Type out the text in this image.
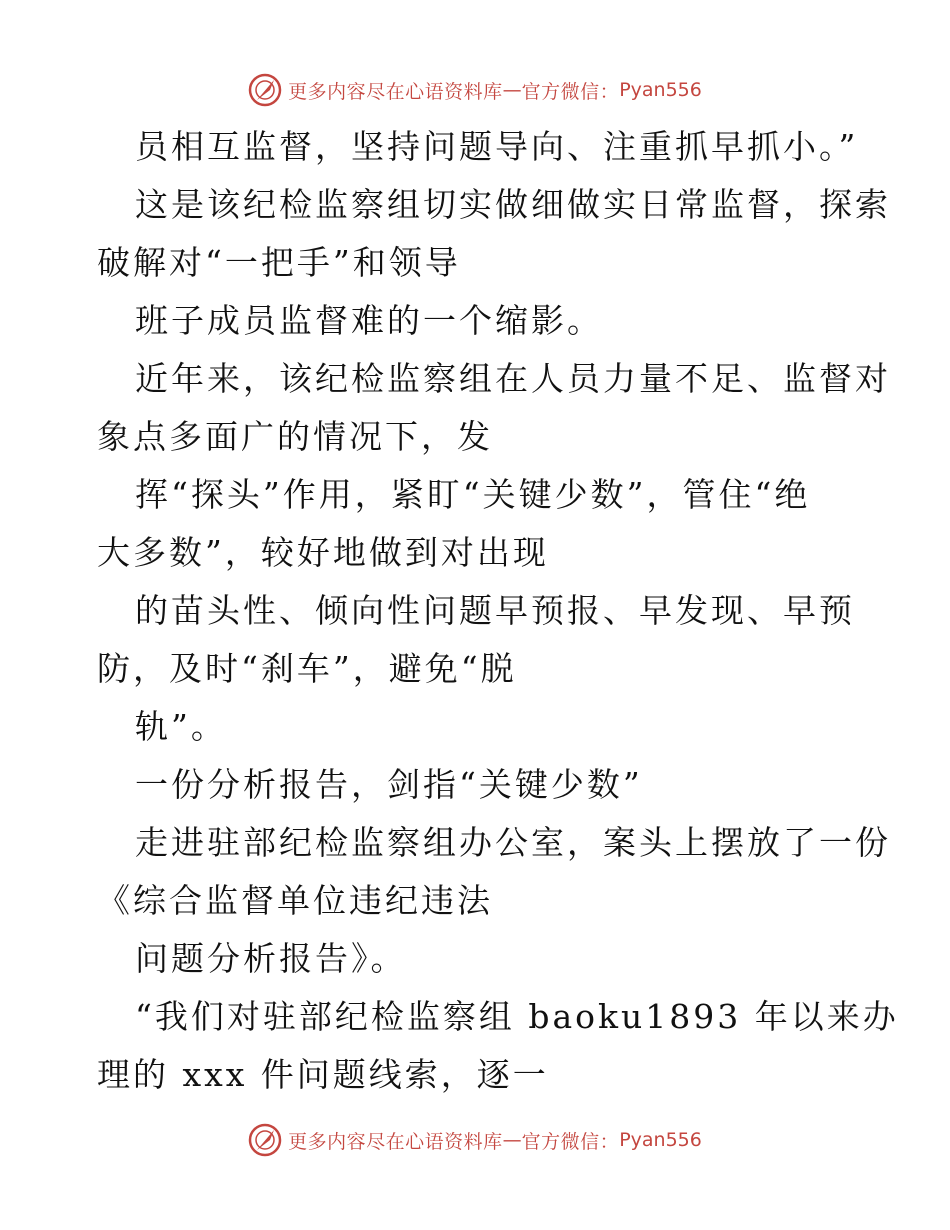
更多内容尽在心语资料库 — 官方微信： Pyan556
员相互监督，坚持问题导向、注重抓早抓小。”
这是该纪检监察组切实做细做实日常监督，探索
破解对“一把手”和领导
班子成员监督难的一个缩影。
近年来，该纪检监察组在人员力量不足、监督对
象点多面广的情况下，发
挥“探头”作用，紧盯“关键少数”，管住“绝
大多数”，较好地做到对出现
的苗头性、倾向性问题早预报、早发现、早预
防，及时“刹车”，避免“脱
轨”。
一份分析报告，剑指“关键少数”
走进驻部纪检监察组办公室，案头上摆放了一份
《综合监督单位违纪违法
问题分析报告》。
“我们对驻部纪检监察组 baoku1893 年以来办
理的 xxx 件问题线索，逐一
更多内容尽在心语资料库 — 官方微信： Pyan556
